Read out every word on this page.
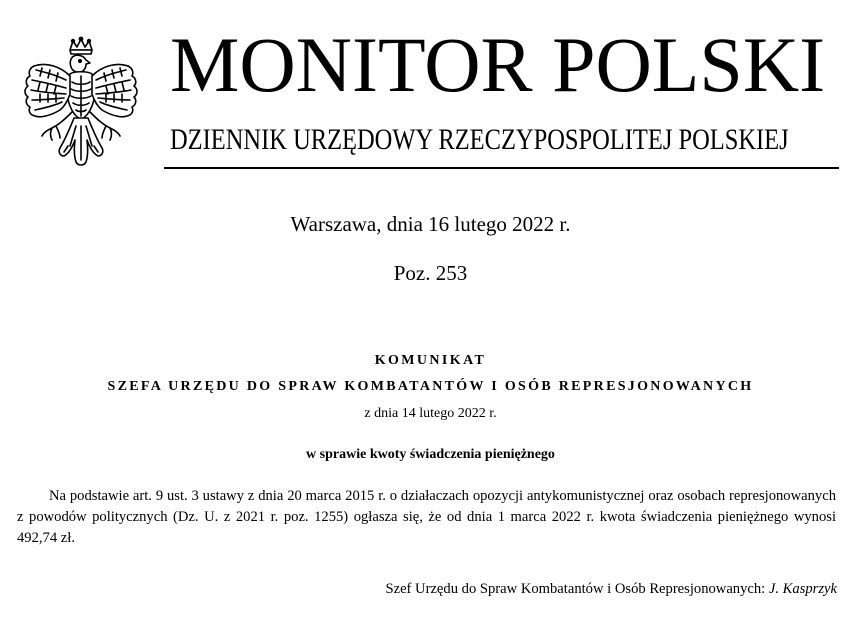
MONITOR POLSKI
DZIENNIK URZĘDOWY RZECZYPOSPOLITEJ POLSKIEJ
Warszawa, dnia 16 lutego 2022 r.
Poz. 253
KOMUNIKAT
SZEFA URZĘDU DO SPRAW KOMBATANTÓW I OSÓB REPRESJONOWANYCH
z dnia 14 lutego 2022 r.
w sprawie kwoty świadczenia pieniężnego

Na podstawie art. 9 ust. 3 ustawy z dnia 20 marca 2015 r. o działaczach opozycji antykomunistycznej oraz osobach represjonowanych z powodów politycznych (Dz. U. z 2021 r. poz. 1255) ogłasza się, że od dnia 1 marca 2022 r. kwota świadczenia pieniężnego wynosi 492,74 zł.

Szef Urzędu do Spraw Kombatantów i Osób Represjonowanych: J. Kasprzyk
